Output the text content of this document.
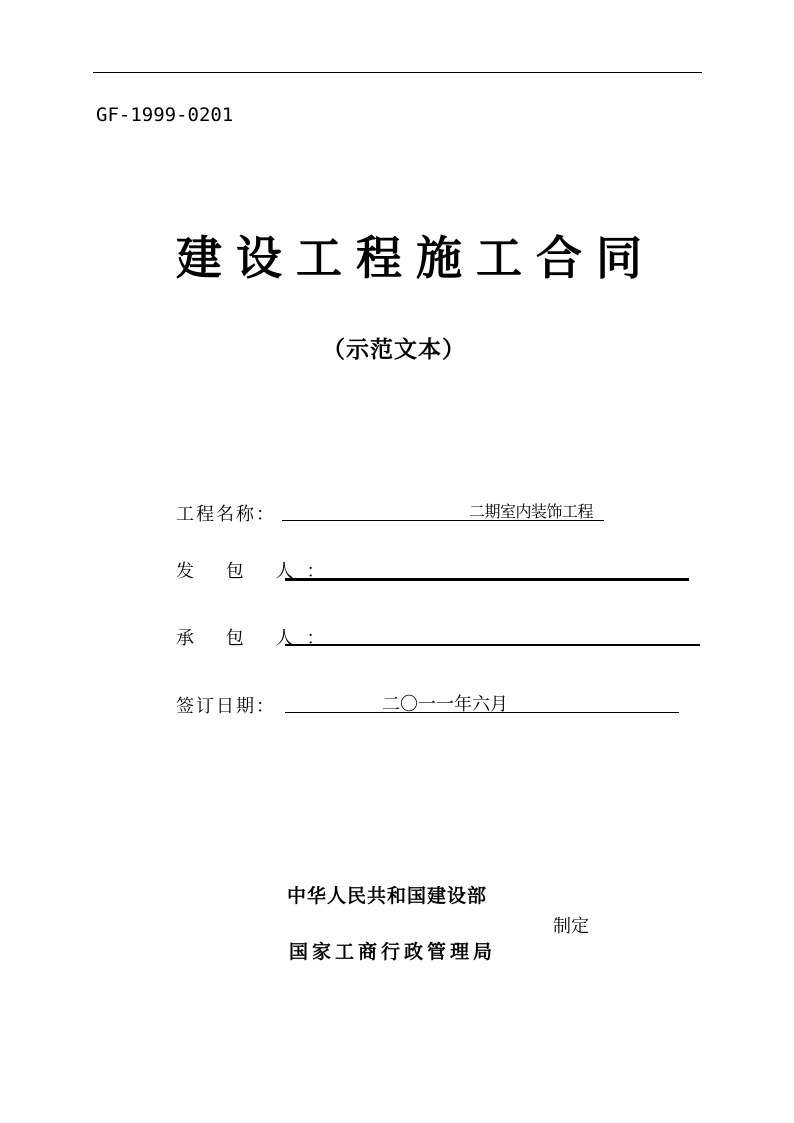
GF-1999-0201
建设工程施工合同
（示范文本）
工程名称：	二期室内装饰工程
发 包 人：
承 包 人：
签订日期：	二〇一一年六月
中华人民共和国建设部
制定
国家工商行政管理局
